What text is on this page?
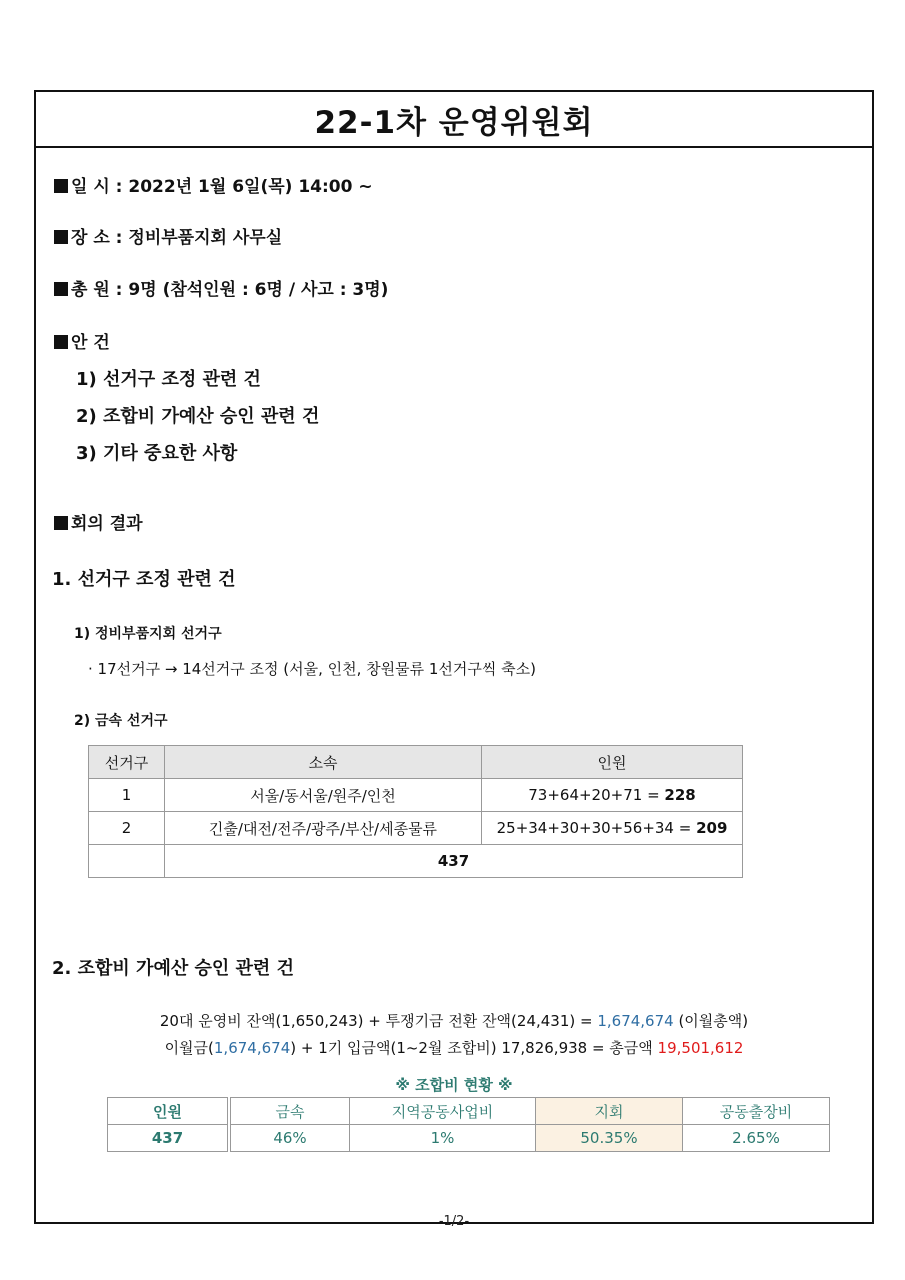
22-1차 운영위원회
일 시 : 2022년 1월 6일(목) 14:00 ~
장 소 : 정비부품지회 사무실
총 원 : 9명 (참석인원 : 6명 / 사고 : 3명)
안 건
1) 선거구 조정 관련 건
2) 조합비 가예산 승인 관련 건
3) 기타 중요한 사항
회의 결과
1. 선거구 조정 관련 건
1) 정비부품지회 선거구
· 17선거구 → 14선거구 조정 (서울, 인천, 창원물류 1선거구씩 축소)
2) 금속 선거구
선거구	소속	인원
1	서울/동서울/원주/인천	73+64+20+71 = 228
2	긴출/대전/전주/광주/부산/세종물류	25+34+30+30+56+34 = 209
	437	
2. 조합비 가예산 승인 관련 건
20대 운영비 잔액(1,650,243) + 투쟁기금 전환 잔액(24,431) = 1,674,674 (이월총액)
이월금(1,674,674) + 1기 입금액(1~2월 조합비) 17,826,938 = 총금액 19,501,612
※ 조합비 현황 ※
인원	금속	지역공동사업비	지회	공동출장비
437	46%	1%	50.35%	2.65%
-1/2-
